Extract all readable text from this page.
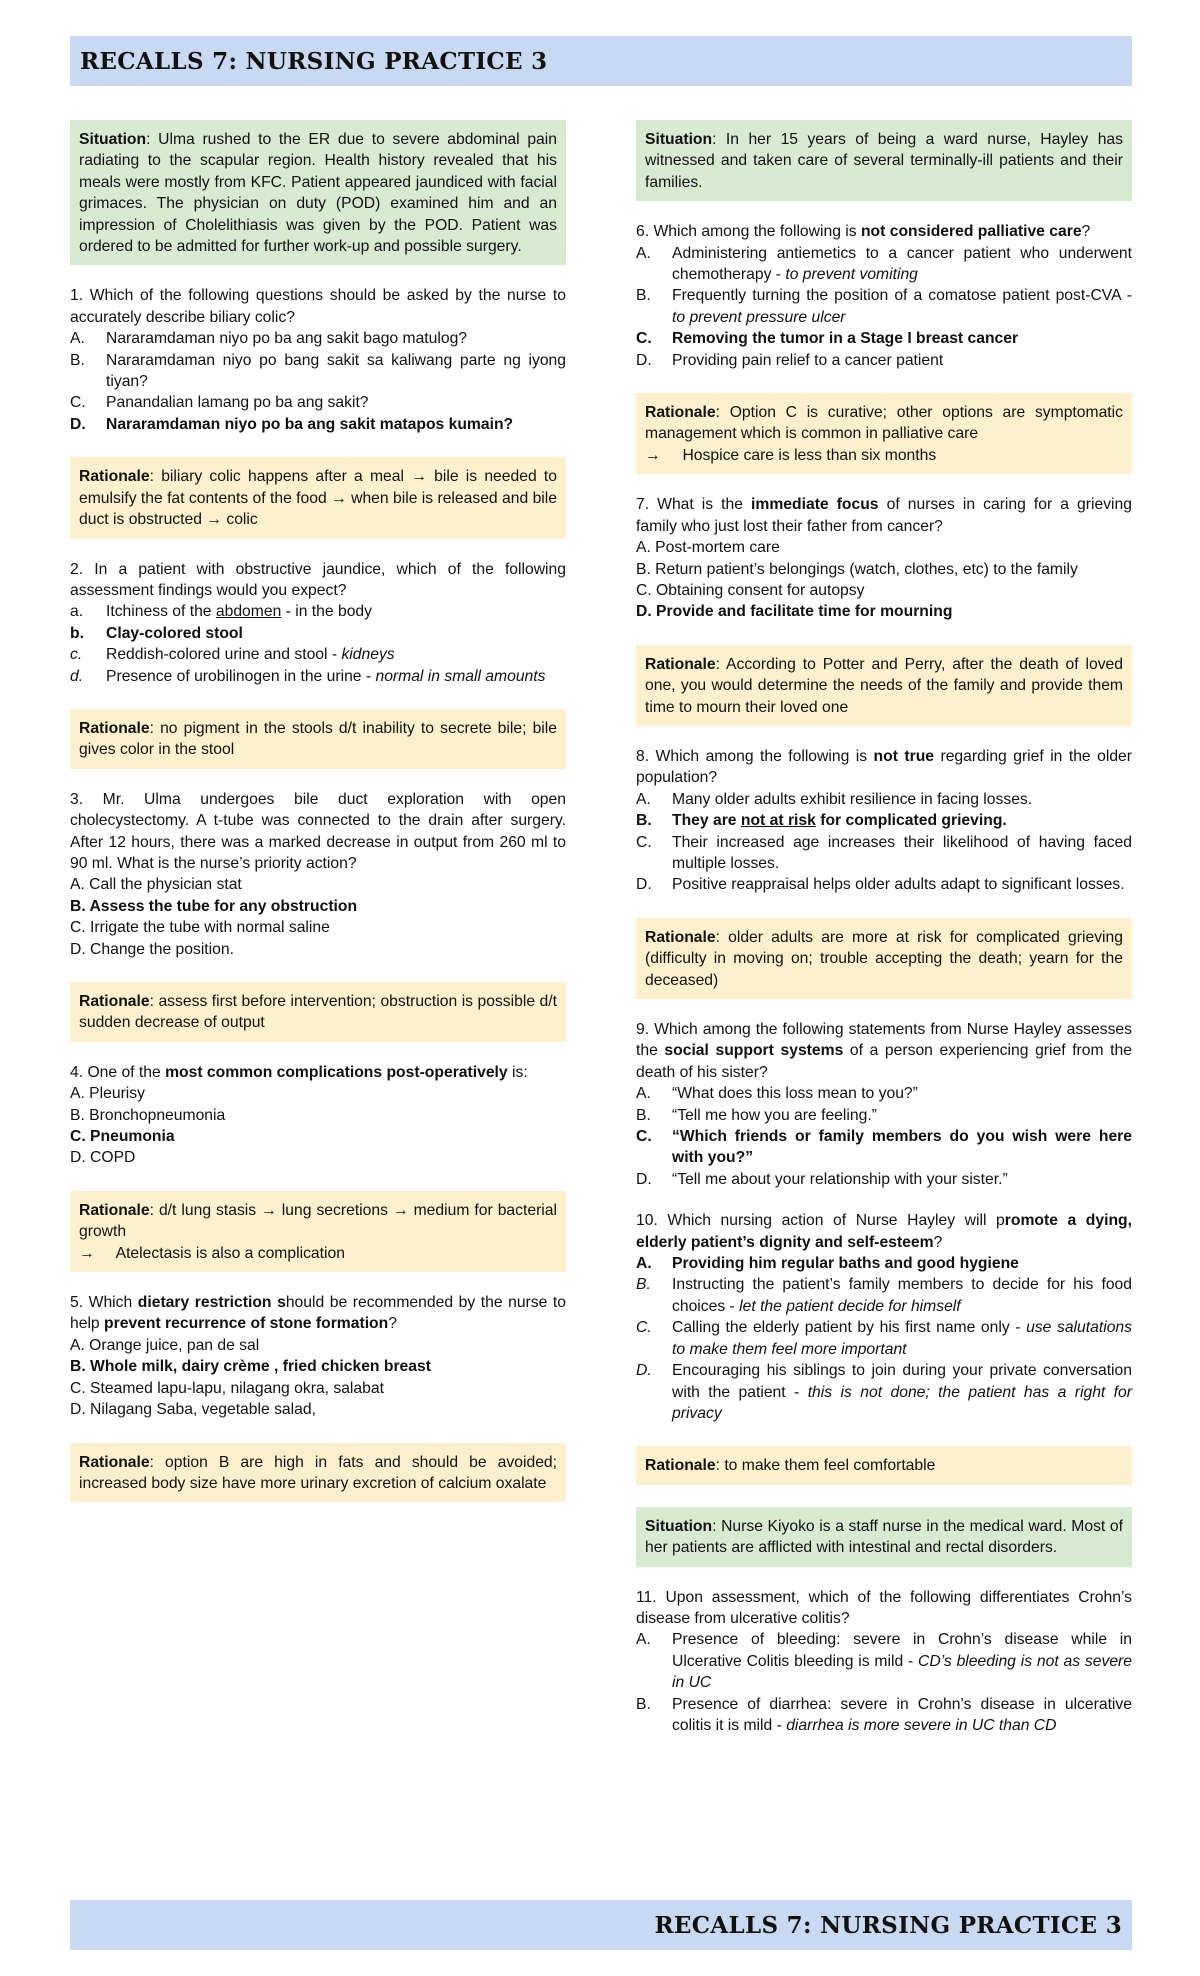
RECALLS 7: NURSING PRACTICE 3
Situation: Ulma rushed to the ER due to severe abdominal pain radiating to the scapular region. Health history revealed that his meals were mostly from KFC. Patient appeared jaundiced with facial grimaces. The physician on duty (POD) examined him and an impression of Cholelithiasis was given by the POD. Patient was ordered to be admitted for further work-up and possible surgery.
1. Which of the following questions should be asked by the nurse to accurately describe biliary colic?
A.	Nararamdaman niyo po ba ang sakit bago matulog?
B.	Nararamdaman niyo po bang sakit sa kaliwang parte ng iyong tiyan?
C.	Panandalian lamang po ba ang sakit?
D.	Nararamdaman niyo po ba ang sakit matapos kumain?
Rationale: biliary colic happens after a meal → bile is needed to emulsify the fat contents of the food → when bile is released and bile duct is obstructed → colic
2. In a patient with obstructive jaundice, which of the following assessment findings would you expect?
a.	Itchiness of the abdomen - in the body
b.	Clay-colored stool
c.	Reddish-colored urine and stool - kidneys
d.	Presence of urobilinogen in the urine - normal in small amounts
Rationale: no pigment in the stools d/t inability to secrete bile; bile gives color in the stool
3. Mr. Ulma undergoes bile duct exploration with open cholecystectomy. A t-tube was connected to the drain after surgery. After 12 hours, there was a marked decrease in output from 260 ml to 90 ml. What is the nurse’s priority action?
A. Call the physician stat
B. Assess the tube for any obstruction
C. Irrigate the tube with normal saline
D. Change the position.
Rationale: assess first before intervention; obstruction is possible d/t sudden decrease of output
4. One of the most common complications post-operatively is:
A. Pleurisy
B. Bronchopneumonia
C. Pneumonia
D. COPD
Rationale: d/t lung stasis → lung secretions → medium for bacterial growth
→     Atelectasis is also a complication
5. Which dietary restriction should be recommended by the nurse to help prevent recurrence of stone formation?
A. Orange juice, pan de sal
B. Whole milk, dairy crème , fried chicken breast
C. Steamed lapu-lapu, nilagang okra, salabat
D. Nilagang Saba, vegetable salad,
Rationale: option B are high in fats and should be avoided; increased body size have more urinary excretion of calcium oxalate
Situation: In her 15 years of being a ward nurse, Hayley has witnessed and taken care of several terminally-ill patients and their families.
6. Which among the following is not considered palliative care?
A.	Administering antiemetics to a cancer patient who underwent chemotherapy - to prevent vomiting
B.	Frequently turning the position of a comatose patient post-CVA - to prevent pressure ulcer
C.	Removing the tumor in a Stage I breast cancer
D.	Providing pain relief to a cancer patient
Rationale: Option C is curative; other options are symptomatic management which is common in palliative care
→     Hospice care is less than six months
7. What is the immediate focus of nurses in caring for a grieving family who just lost their father from cancer?
A. Post-mortem care
B. Return patient’s belongings (watch, clothes, etc) to the family
C. Obtaining consent for autopsy
D. Provide and facilitate time for mourning
Rationale: According to Potter and Perry, after the death of loved one, you would determine the needs of the family and provide them time to mourn their loved one
8. Which among the following is not true regarding grief in the older population?
A.	Many older adults exhibit resilience in facing losses.
B.	They are not at risk for complicated grieving.
C.	Their increased age increases their likelihood of having faced multiple losses.
D.	Positive reappraisal helps older adults adapt to significant losses.
Rationale: older adults are more at risk for complicated grieving (difficulty in moving on; trouble accepting the death; yearn for the deceased)
9. Which among the following statements from Nurse Hayley assesses the social support systems of a person experiencing grief from the death of his sister?
A.	“What does this loss mean to you?”
B.	“Tell me how you are feeling.”
C.	“Which friends or family members do you wish were here with you?”
D.	“Tell me about your relationship with your sister.”
10. Which nursing action of Nurse Hayley will promote a dying, elderly patient’s dignity and self-esteem?
A.	Providing him regular baths and good hygiene
B.	Instructing the patient’s family members to decide for his food choices - let the patient decide for himself
C.	Calling the elderly patient by his first name only - use salutations to make them feel more important
D.	Encouraging his siblings to join during your private conversation with the patient - this is not done; the patient has a right for privacy
Rationale: to make them feel comfortable
Situation: Nurse Kiyoko is a staff nurse in the medical ward. Most of her patients are afflicted with intestinal and rectal disorders.
11. Upon assessment, which of the following differentiates Crohn’s disease from ulcerative colitis?
A.	Presence of bleeding: severe in Crohn’s disease while in Ulcerative Colitis bleeding is mild - CD’s bleeding is not as severe in UC
B.	Presence of diarrhea: severe in Crohn’s disease in ulcerative colitis it is mild - diarrhea is more severe in UC than CD
RECALLS 7: NURSING PRACTICE 3
